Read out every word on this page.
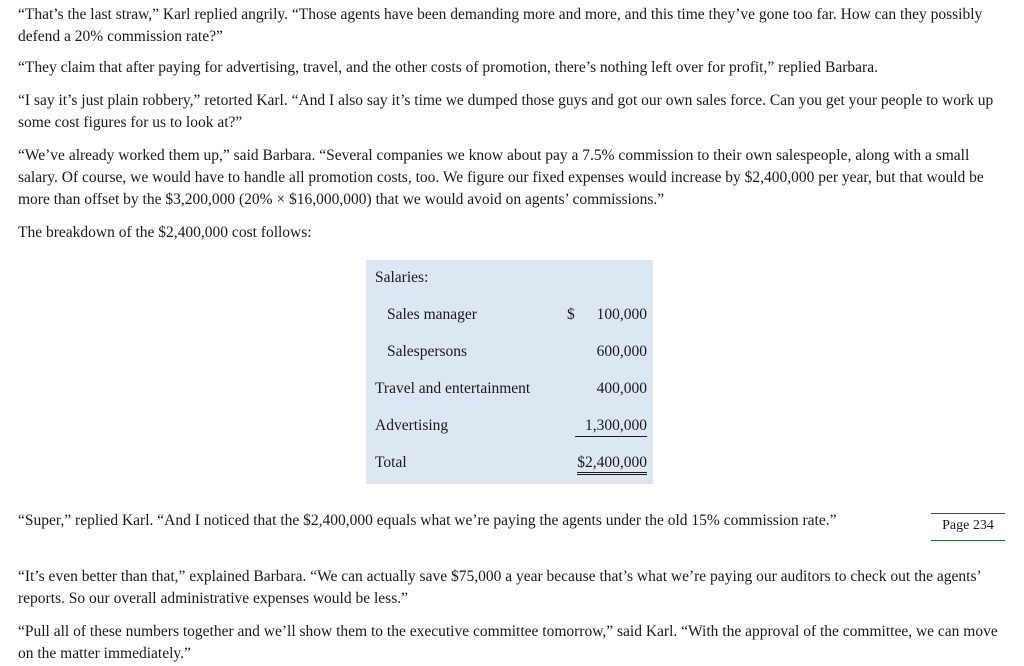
“That’s the last straw,” Karl replied angrily. “Those agents have been demanding more and more, and this time they’ve gone too far. How can they possibly defend a 20% commission rate?”

“They claim that after paying for advertising, travel, and the other costs of promotion, there’s nothing left over for profit,” replied Barbara.

“I say it’s just plain robbery,” retorted Karl. “And I also say it’s time we dumped those guys and got our own sales force. Can you get your people to work up some cost figures for us to look at?”

“We’ve already worked them up,” said Barbara. “Several companies we know about pay a 7.5% commission to their own salespeople, along with a small salary. Of course, we would have to handle all promotion costs, too. We figure our fixed expenses would increase by $2,400,000 per year, but that would be more than offset by the $3,200,000 (20% × $16,000,000) that we would avoid on agents’ commissions.”

The breakdown of the $2,400,000 cost follows:

Salaries:
Sales manager	$ 100,000
Salespersons	600,000
Travel and entertainment	400,000
Advertising	1,300,000
Total	$2,400,000

“Super,” replied Karl. “And I noticed that the $2,400,000 equals what we’re paying the agents under the old 15% commission rate.”	Page 234

“It’s even better than that,” explained Barbara. “We can actually save $75,000 a year because that’s what we’re paying our auditors to check out the agents’ reports. So our overall administrative expenses would be less.”

“Pull all of these numbers together and we’ll show them to the executive committee tomorrow,” said Karl. “With the approval of the committee, we can move on the matter immediately.”
